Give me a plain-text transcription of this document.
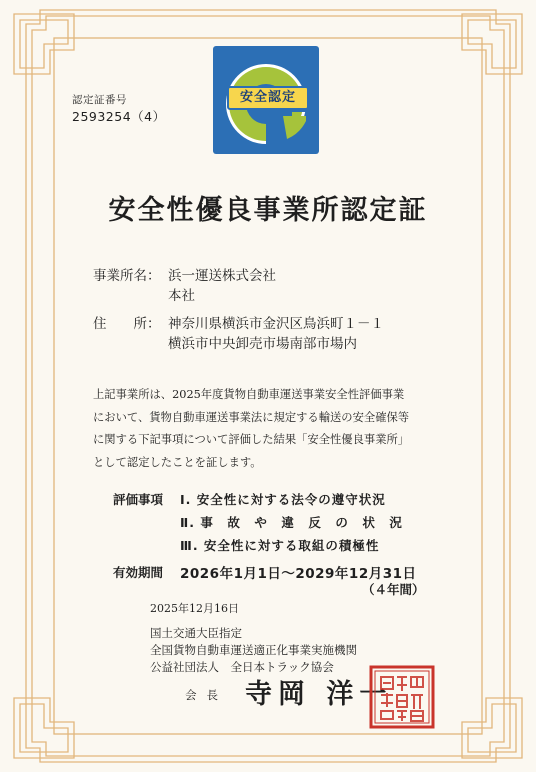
認定証番号
2593254（4）
安全認定
安全性優良事業所認定証
事業所名： 浜一運送株式会社
本社
住　　所： 神奈川県横浜市金沢区鳥浜町１－１
横浜市中央卸売市場南部市場内
上記事業所は、2025年度貨物自動車運送事業安全性評価事業
において、貨物自動車運送事業法に規定する輸送の安全確保等
に関する下記事項について評価した結果「安全性優良事業所」
として認定したことを証します。
評価事項 Ⅰ. 安全性に対する法令の遵守状況
Ⅱ. 事　故　や　違　反　の　状　況
Ⅲ. 安全性に対する取組の積極性
有効期間 2026年1月1日～2029年12月31日
（４年間）
2025年12月16日
国土交通大臣指定
全国貨物自動車運送適正化事業実施機関
公益社団法人　全日本トラック協会
会長 寺岡 洋一
